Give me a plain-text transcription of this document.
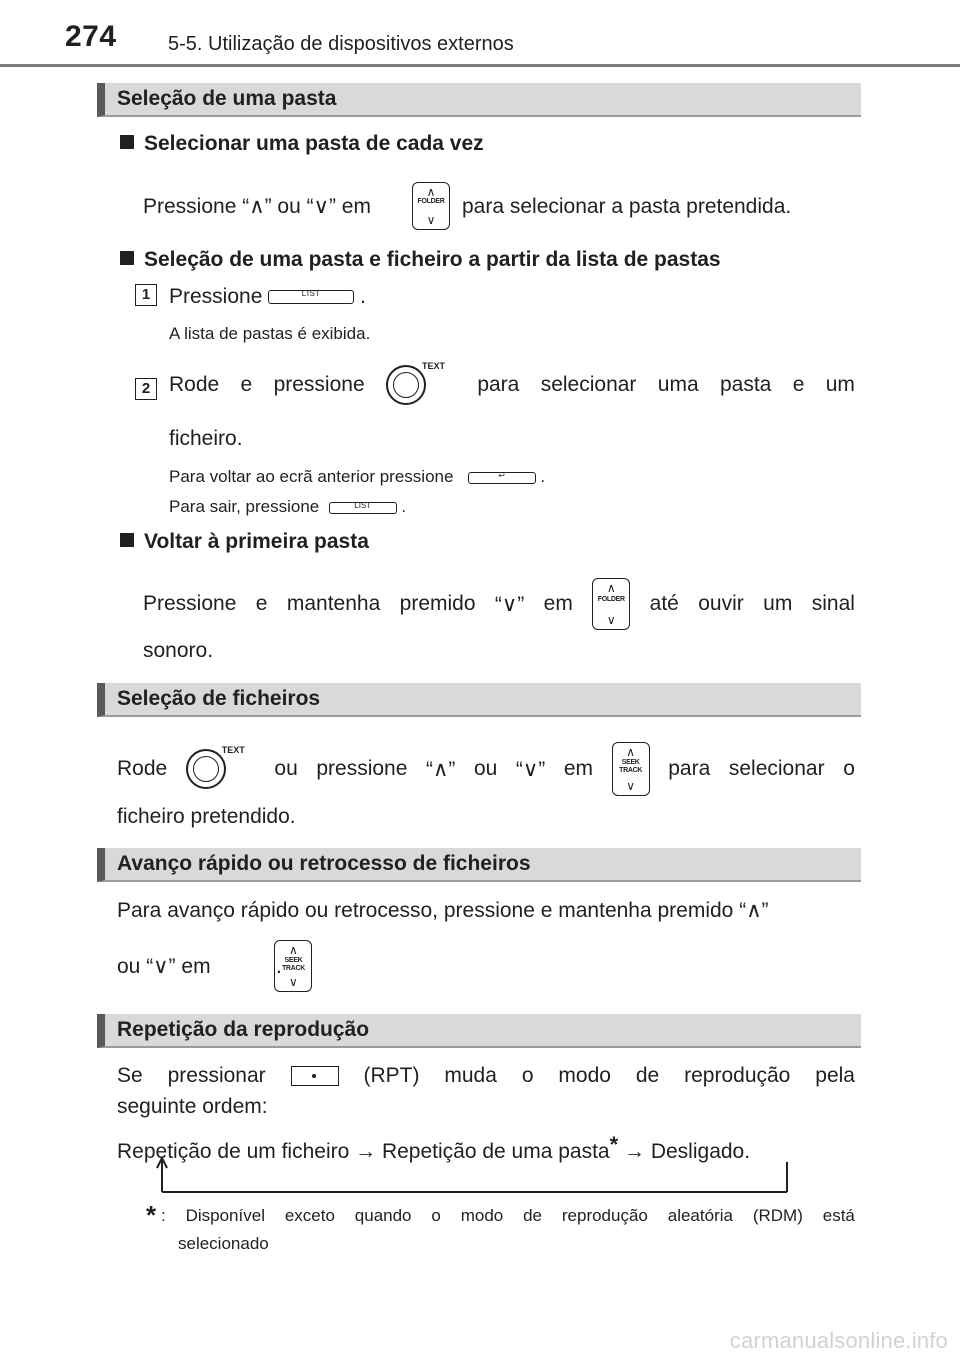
274	5-5. Utilização de dispositivos externos
Seleção de uma pasta
Selecionar uma pasta de cada vez
Pressione “∧” ou “∨” em
∧
FOLDER
∨

para selecionar a pasta pretendida.
Seleção de uma pasta e ficheiro a partir da lista de pastas
1 Pressione	LIST	.
A lista de pastas é exibida.
2 Rode e pressione
TEXT
para selecionar uma pasta e um
ficheiro.
Para voltar ao ecrã anterior pressione	↩	.
Para sair, pressione	LIST	.
Voltar à primeira pasta
Pressione e mantenha premido “∨” em
∧
FOLDER
∨
até ouvir um sinal
sonoro.
Seleção de ficheiros
Rode
TEXT
ou pressione “∧” ou “∨” em
∧
SEEK TRACK
∨
para selecionar o
ficheiro pretendido.
Avanço rápido ou retrocesso de ficheiros
Para avanço rápido ou retrocesso, pressione e mantenha premido “∧”
ou “∨” em
∧
SEEK TRACK
∨
.
Repetição da reprodução
Se pressionar	(RPT) muda o modo de reprodução pela
seguinte ordem:
Repetição de um ficheiro → Repetição de uma pasta* → Desligado.
* : Disponível exceto quando o modo de reprodução aleatória (RDM) está
selecionado
carmanualsonline.info
